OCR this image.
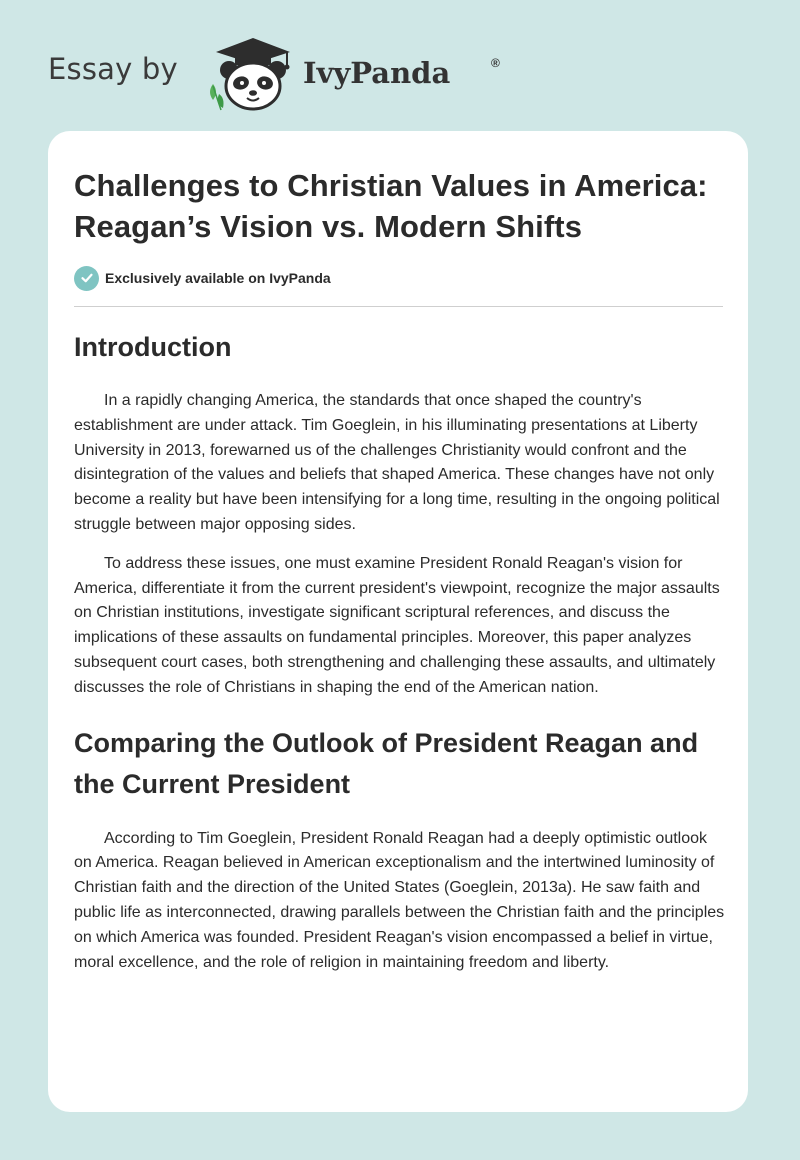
Essay by	IvyPanda	®
Challenges to Christian Values in America: Reagan’s Vision vs. Modern Shifts
Exclusively available on IvyPanda
Introduction

In a rapidly changing America, the standards that once shaped the country's establishment are under attack. Tim Goeglein, in his illuminating presentations at Liberty University in 2013, forewarned us of the challenges Christianity would confront and the disintegration of the values and beliefs that shaped America. These changes have not only become a reality but have been intensifying for a long time, resulting in the ongoing political struggle between major opposing sides.

To address these issues, one must examine President Ronald Reagan's vision for America, differentiate it from the current president's viewpoint, recognize the major assaults on Christian institutions, investigate significant scriptural references, and discuss the implications of these assaults on fundamental principles. Moreover, this paper analyzes subsequent court cases, both strengthening and challenging these assaults, and ultimately discusses the role of Christians in shaping the end of the American nation.

Comparing the Outlook of President Reagan and the Current President

According to Tim Goeglein, President Ronald Reagan had a deeply optimistic outlook on America. Reagan believed in American exceptionalism and the intertwined luminosity of Christian faith and the direction of the United States (Goeglein, 2013a). He saw faith and public life as interconnected, drawing parallels between the Christian faith and the principles on which America was founded. President Reagan's vision encompassed a belief in virtue, moral excellence, and the role of religion in maintaining freedom and liberty.
